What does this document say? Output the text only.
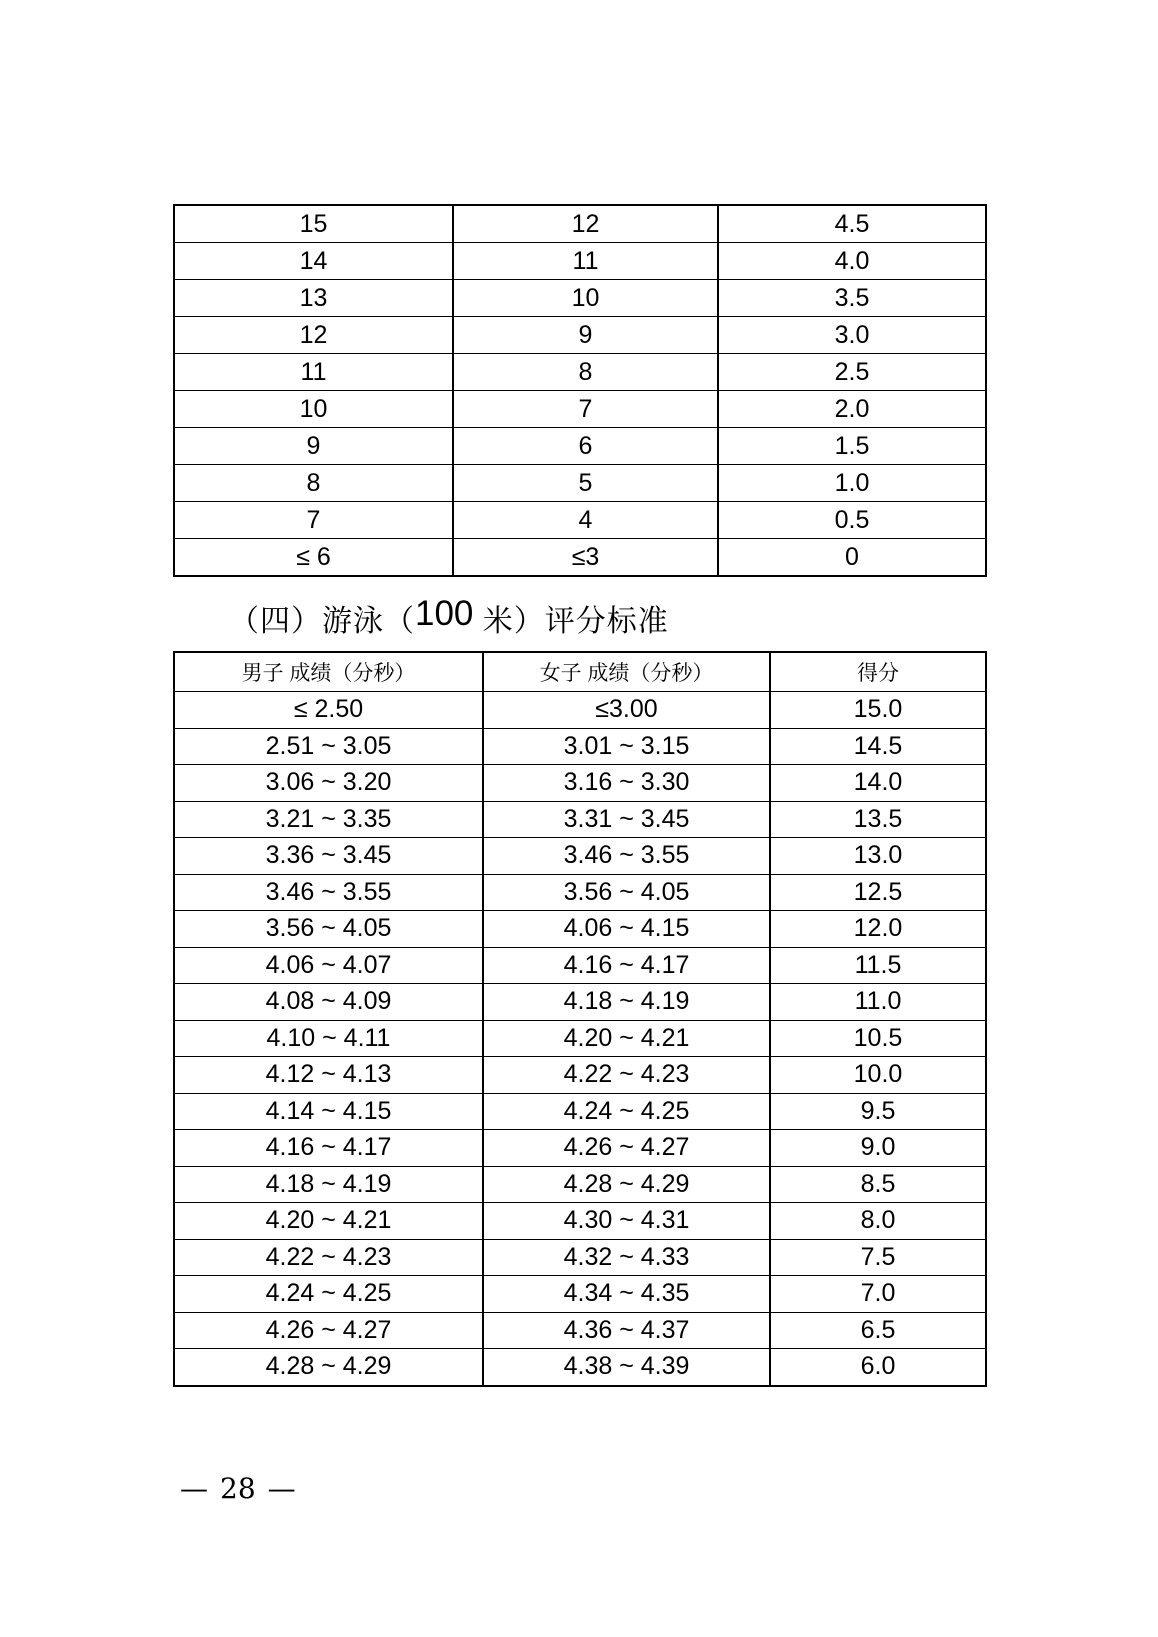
15	12	4.5
14	11	4.0
13	10	3.5
12	9	3.0
11	8	2.5
10	7	2.0
9	6	1.5
8	5	1.0
7	4	0.5
≤ 6	≤3	0
（四）游泳（100 米）评分标准
男子 成绩（分秒）	女子 成绩（分秒）	得分
≤ 2.50	≤3.00	15.0
2.51 ~ 3.05	3.01 ~ 3.15	14.5
3.06 ~ 3.20	3.16 ~ 3.30	14.0
3.21 ~ 3.35	3.31 ~ 3.45	13.5
3.36 ~ 3.45	3.46 ~ 3.55	13.0
3.46 ~ 3.55	3.56 ~ 4.05	12.5
3.56 ~ 4.05	4.06 ~ 4.15	12.0
4.06 ~ 4.07	4.16 ~ 4.17	11.5
4.08 ~ 4.09	4.18 ~ 4.19	11.0
4.10 ~ 4.11	4.20 ~ 4.21	10.5
4.12 ~ 4.13	4.22 ~ 4.23	10.0
4.14 ~ 4.15	4.24 ~ 4.25	9.5
4.16 ~ 4.17	4.26 ~ 4.27	9.0
4.18 ~ 4.19	4.28 ~ 4.29	8.5
4.20 ~ 4.21	4.30 ~ 4.31	8.0
4.22 ~ 4.23	4.32 ~ 4.33	7.5
4.24 ~ 4.25	4.34 ~ 4.35	7.0
4.26 ~ 4.27	4.36 ~ 4.37	6.5
4.28 ~ 4.29	4.38 ~ 4.39	6.0
— 28 —
